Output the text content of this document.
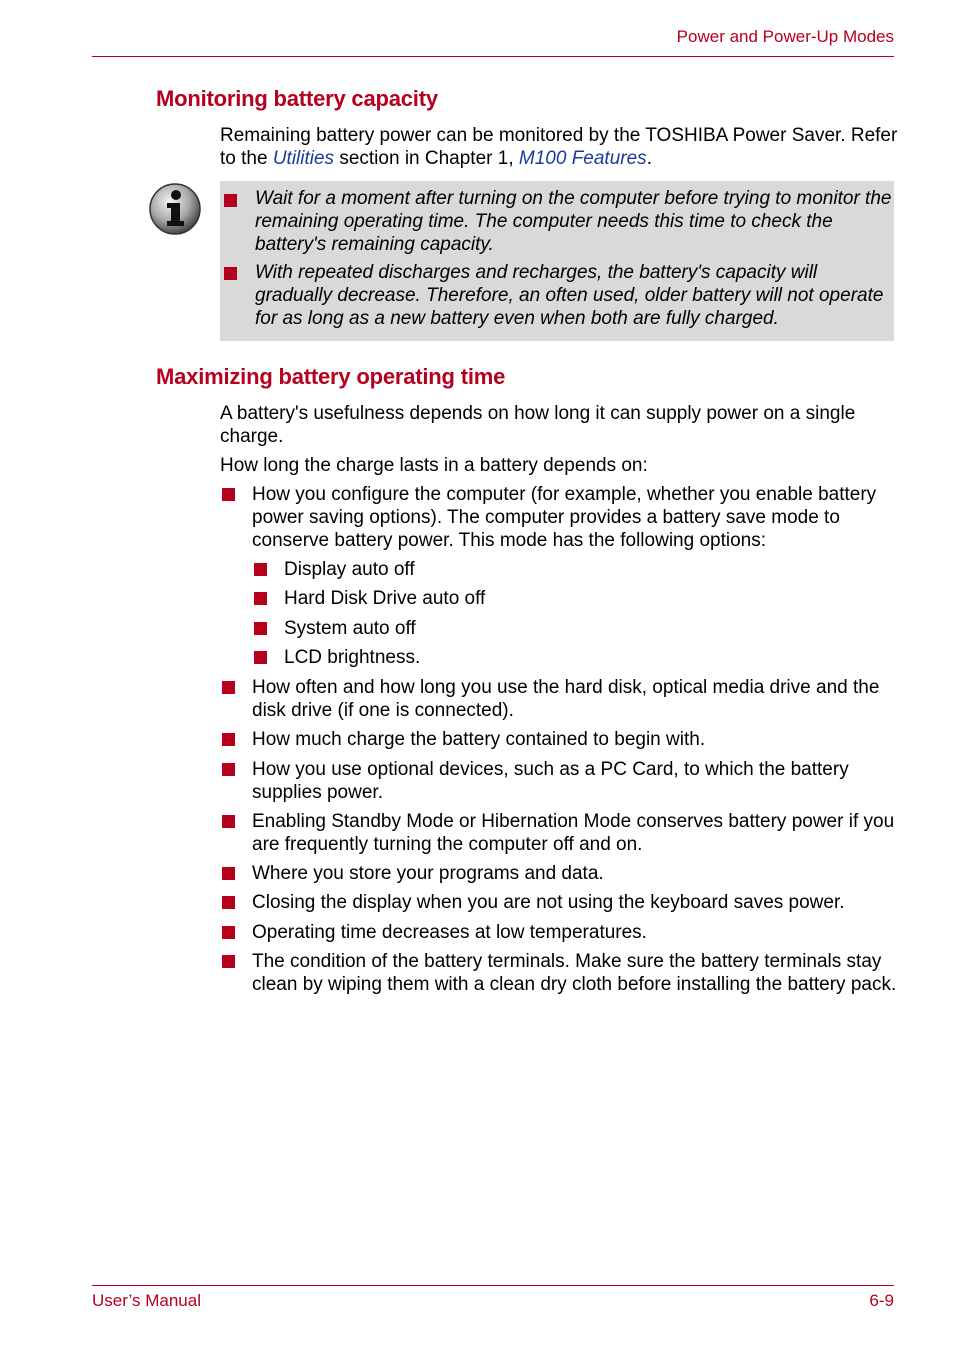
Power and Power-Up Modes
Monitoring battery capacity

Remaining battery power can be monitored by the TOSHIBA Power Saver. Refer to the Utilities section in Chapter 1, M100 Features.

Wait for a moment after turning on the computer before trying to monitor the remaining operating time. The computer needs this time to check the battery's remaining capacity.
With repeated discharges and recharges, the battery's capacity will gradually decrease. Therefore, an often used, older battery will not operate for as long as a new battery even when both are fully charged.
Maximizing battery operating time

A battery's usefulness depends on how long it can supply power on a single charge.

How long the charge lasts in a battery depends on:

How you configure the computer (for example, whether you enable battery power saving options). The computer provides a battery save mode to conserve battery power. This mode has the following options:
Display auto off
Hard Disk Drive auto off
System auto off
LCD brightness.
How often and how long you use the hard disk, optical media drive and the disk drive (if one is connected).
How much charge the battery contained to begin with.
How you use optional devices, such as a PC Card, to which the battery supplies power.
Enabling Standby Mode or Hibernation Mode conserves battery power if you are frequently turning the computer off and on.
Where you store your programs and data.
Closing the display when you are not using the keyboard saves power.
Operating time decreases at low temperatures.
The condition of the battery terminals. Make sure the battery terminals stay clean by wiping them with a clean dry cloth before installing the battery pack.
User’s Manual	6-9
